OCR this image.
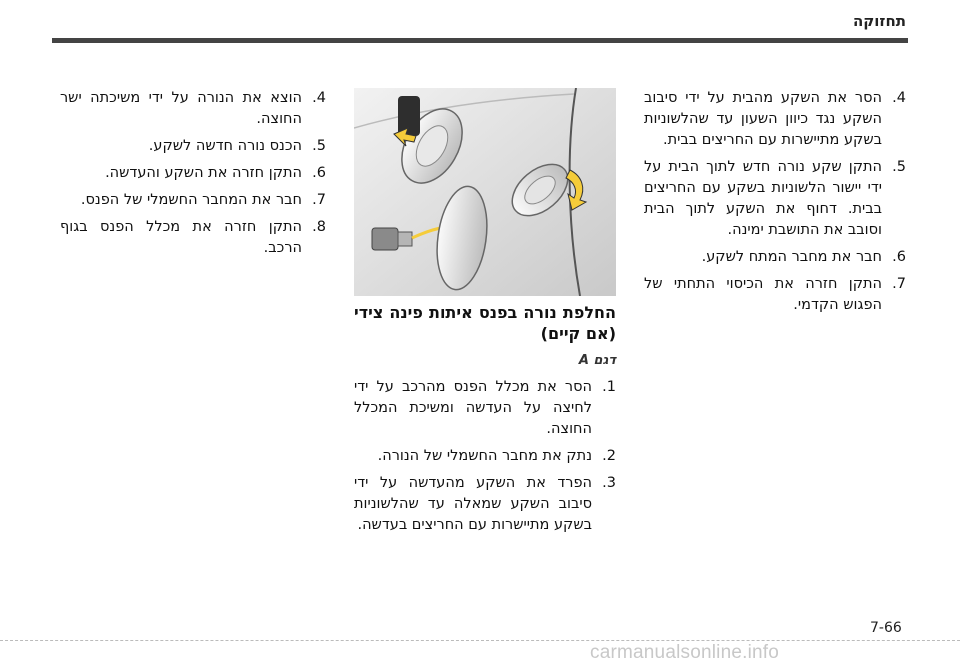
תחזוקה
4.
הסר את השקע מהבית על ידי סיבוב השקע נגד כיוון השעון עד שהלשוניות בשקע מתיישרות עם החריצים בבית.
5.
התקן שקע נורה חדש לתוך הבית על ידי יישור הלשוניות בשקע עם החריצים בבית. דחוף את השקע לתוך הבית וסובב את התושבת ימינה.
6.
חבר את מחבר המתח לשקע.
7.
התקן חזרה את הכיסוי התחתי של הפגוש הקדמי.
החלפת נורה בפנס איתות פינה צידי (אם קיים)
דגם A
1.
הסר את מכלל הפנס מהרכב על ידי לחיצה על העדשה ומשיכת המכלל החוצה.
2.
נתק את מחבר החשמלי של הנורה.
3.
הפרד את השקע מהעדשה על ידי סיבוב השקע שמאלה עד שהלשוניות בשקע מתיישרות עם החריצים בעדשה.
4.
הוצא את הנורה על ידי משיכתה ישר החוצה.
5.
הכנס נורה חדשה לשקע.
6.
התקן חזרה את השקע והעדשה.
7.
חבר את המחבר החשמלי של הפנס.
8.
התקן חזרה את מכלל הפנס בגוף הרכב.
7-66
carmanualsonline.info
